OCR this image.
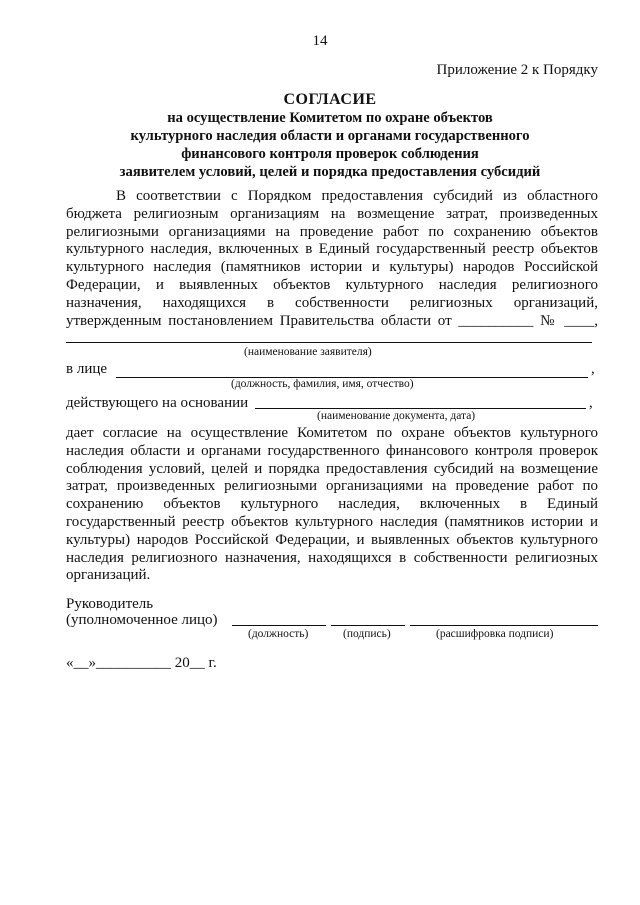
14
Приложение 2 к Порядку
СОГЛАСИЕ
на осуществление Комитетом по охране объектов
культурного наследия области и органами государственного
финансового контроля проверок соблюдения
заявителем условий, целей и порядка предоставления субсидий
В соответствии с Порядком предоставления субсидий из областного
бюджета религиозным организациям на возмещение затрат, произведенных
религиозными организациями на проведение работ по сохранению объектов
культурного наследия, включенных в Единый государственный реестр объектов
культурного наследия (памятников истории и культуры) народов Российской
Федерации, и выявленных объектов культурного наследия религиозного
назначения, находящихся в собственности религиозных организаций,
утвержденным постановлением Правительства области от __________ № ____,
(наименование заявителя)
в лице	,
(должность, фамилия, имя, отчество)
действующего на основании	,
(наименование документа, дата)
дает согласие на осуществление Комитетом по охране объектов культурного
наследия области и органами государственного финансового контроля проверок
соблюдения условий, целей и порядка предоставления субсидий на возмещение
затрат, произведенных религиозными организациями на проведение работ по
сохранению объектов культурного наследия, включенных в Единый
государственный реестр объектов культурного наследия (памятников истории и
культуры) народов Российской Федерации, и выявленных объектов культурного
наследия религиозного назначения, находящихся в собственности религиозных
организаций.
Руководитель
(уполномоченное лицо)
(должность)	(подпись)	(расшифровка подписи)
«__»__________ 20__ г.
